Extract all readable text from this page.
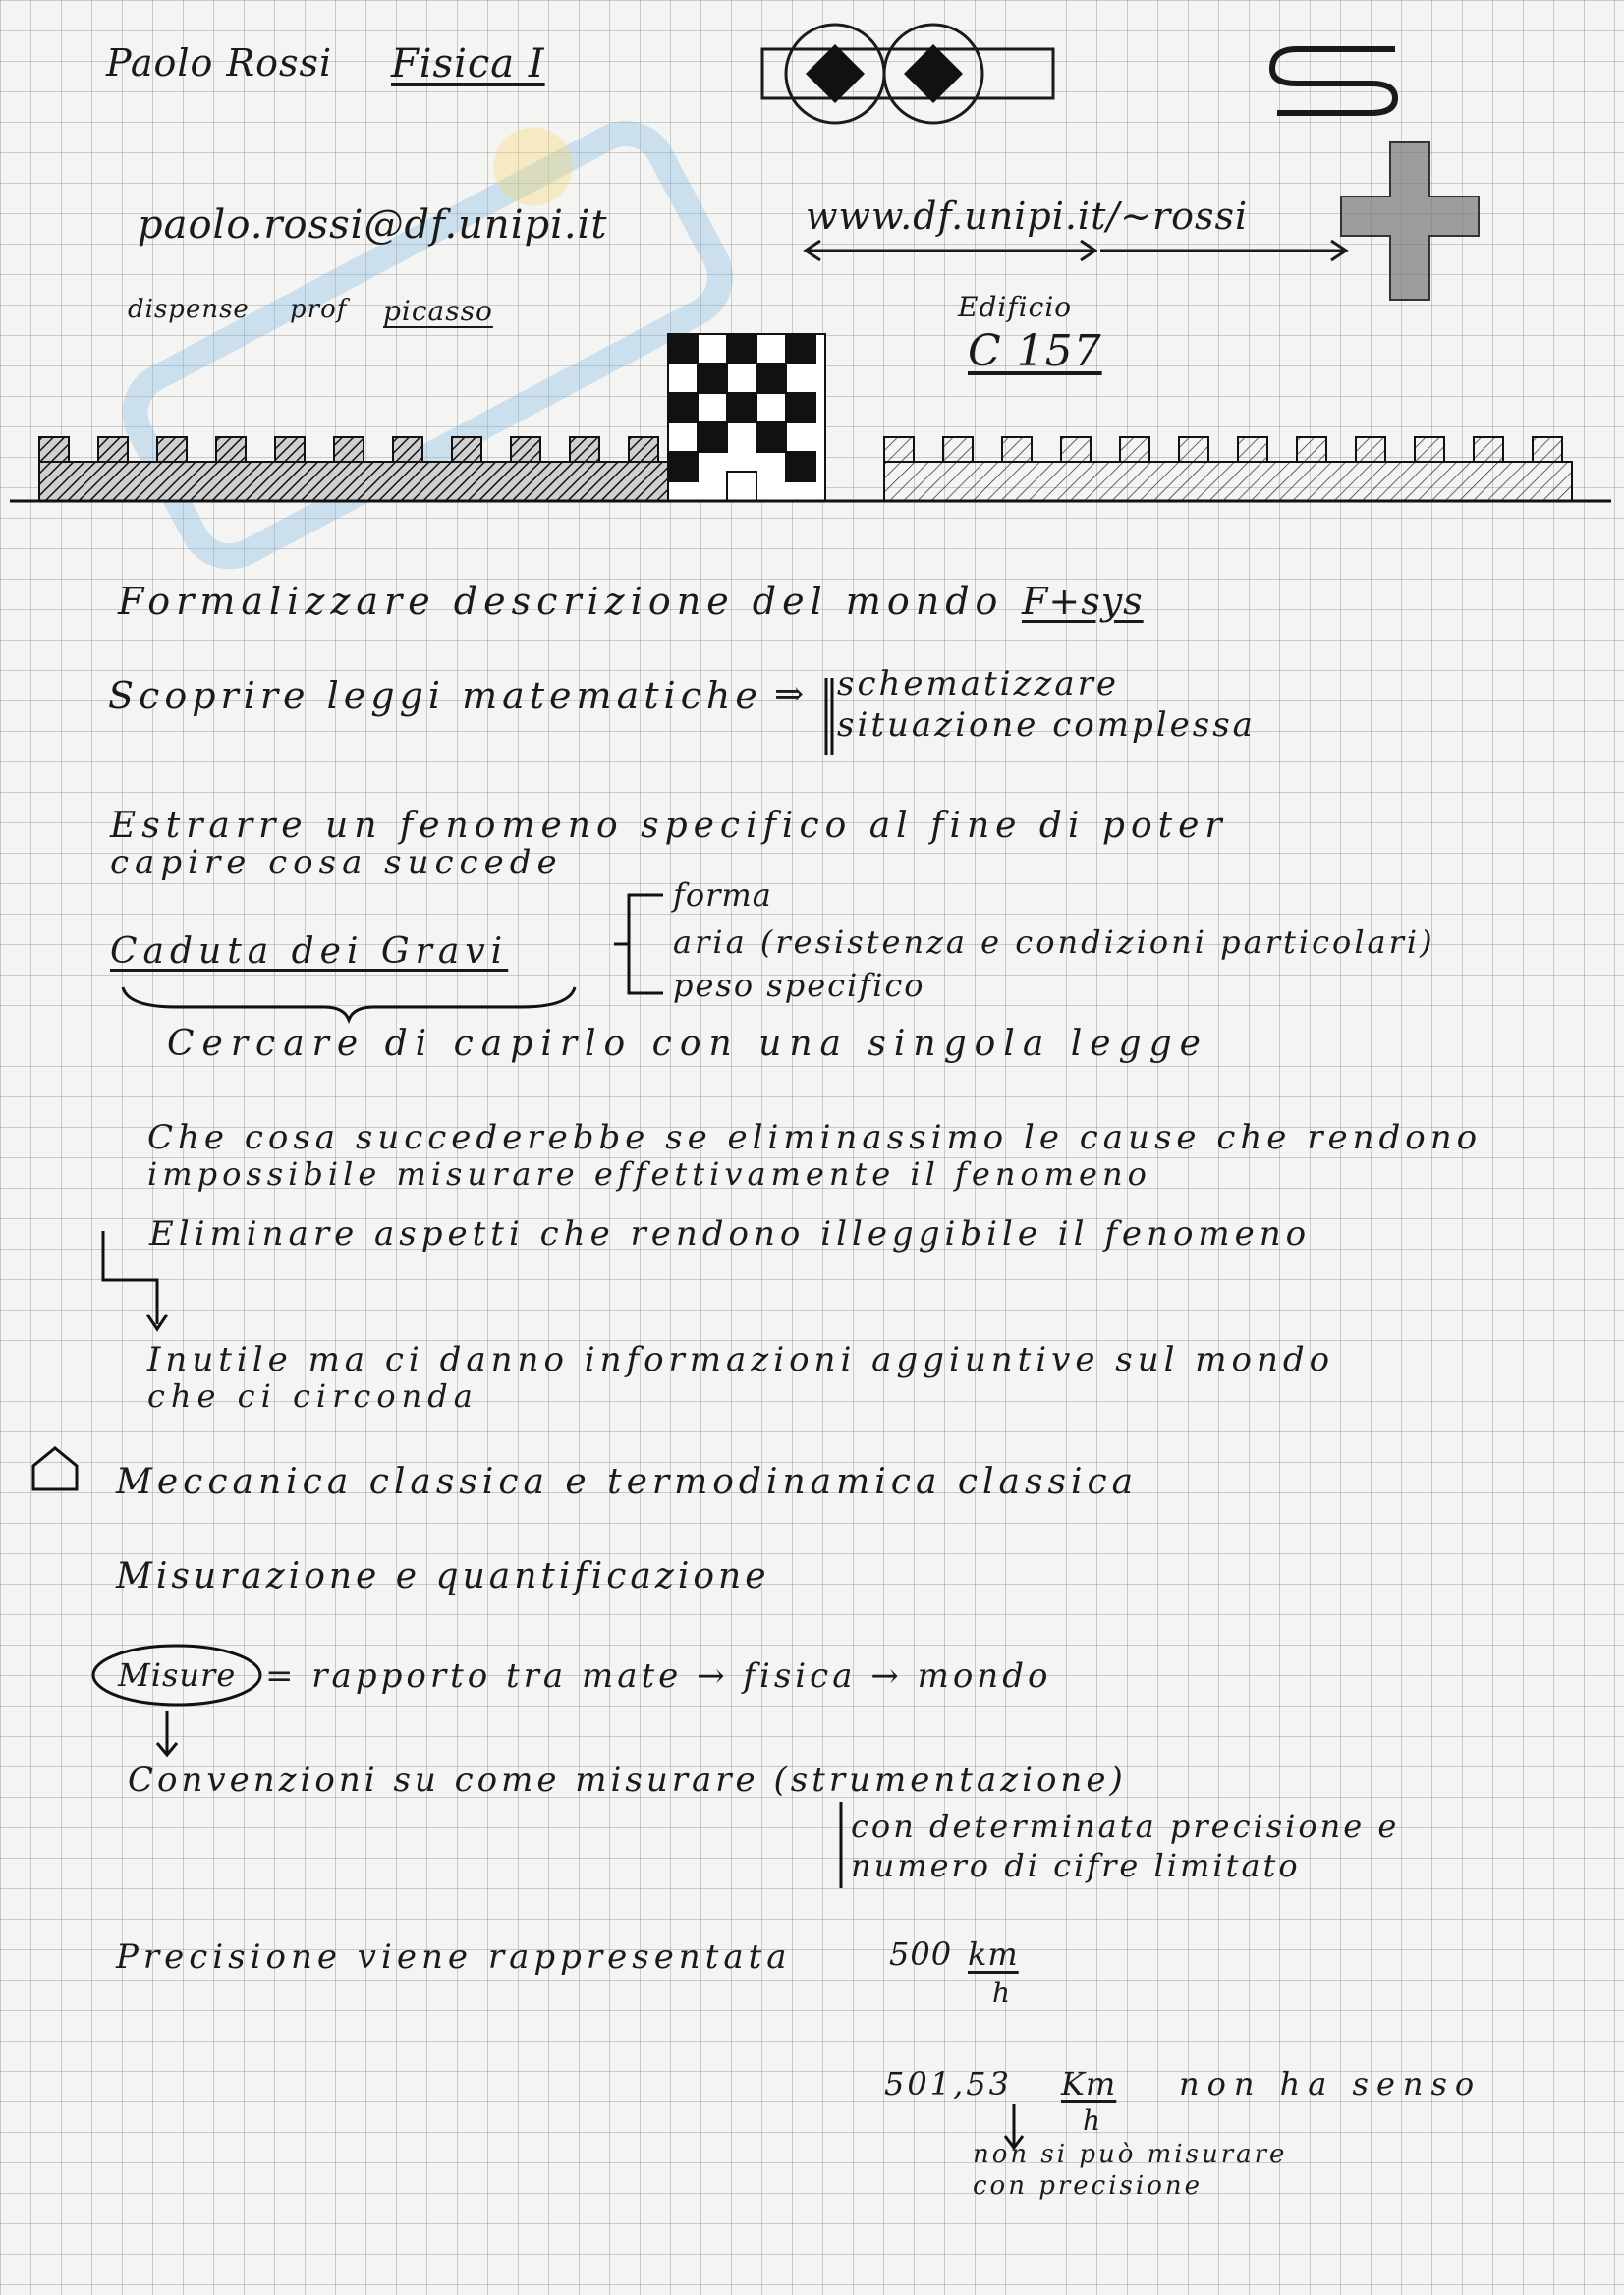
Paolo Rossi Fisica I
paolo.rossi@df.unipi.it	www.df.unipi.it/~rossi
dispense prof picasso	Edificio
C 157
Formalizzare descrizione del mondo F+sys
Scoprire leggi matematiche ⇒ schematizzare
situazione complessa
Estrarre un fenomeno specifico al fine di poter
capire cosa succede
Caduta dei Gravi
forma
aria (resistenza e condizioni particolari)
peso specifico
Cercare di capirlo con una singola legge
Che cosa succederebbe se eliminassimo le cause che rendono
impossibile misurare effettivamente il fenomeno
Eliminare aspetti che rendono illeggibile il fenomeno
Inutile ma ci danno informazioni aggiuntive sul mondo
che ci circonda
Meccanica classica e termodinamica classica
Misurazione e quantificazione
Misure = rapporto tra mate → fisica → mondo
Convenzioni su come misurare (strumentazione)
con determinata precisione e
numero di cifre limitato
Precisione viene rappresentata	500 km
h
501,53 Km
h
non ha senso
non si può misurare
con precisione
